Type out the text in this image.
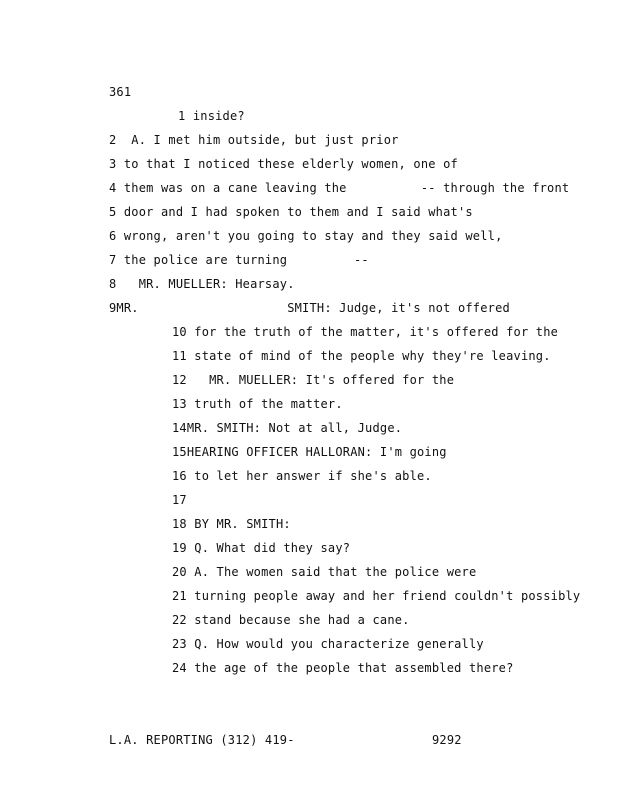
361
1 inside?
2  A. I met him outside, but just prior
3 to that I noticed these elderly women, one of
4 them was on a cane leaving the          -- through the front
5 door and I had spoken to them and I said what's
6 wrong, aren't you going to stay and they said well,
7 the police are turning         --
8   MR. MUELLER: Hearsay.
9MR.                    SMITH: Judge, it's not offered
10 for the truth of the matter, it's offered for the
11 state of mind of the people why they're leaving.
12   MR. MUELLER: It's offered for the
13 truth of the matter.
14MR. SMITH: Not at all, Judge.
15HEARING OFFICER HALLORAN: I'm going
16 to let her answer if she's able.
17
18 BY MR. SMITH:
19 Q. What did they say?
20 A. The women said that the police were
21 turning people away and her friend couldn't possibly
22 stand because she had a cane.
23 Q. How would you characterize generally
24 the age of the people that assembled there?
L.A. REPORTING (312) 419-	9292
